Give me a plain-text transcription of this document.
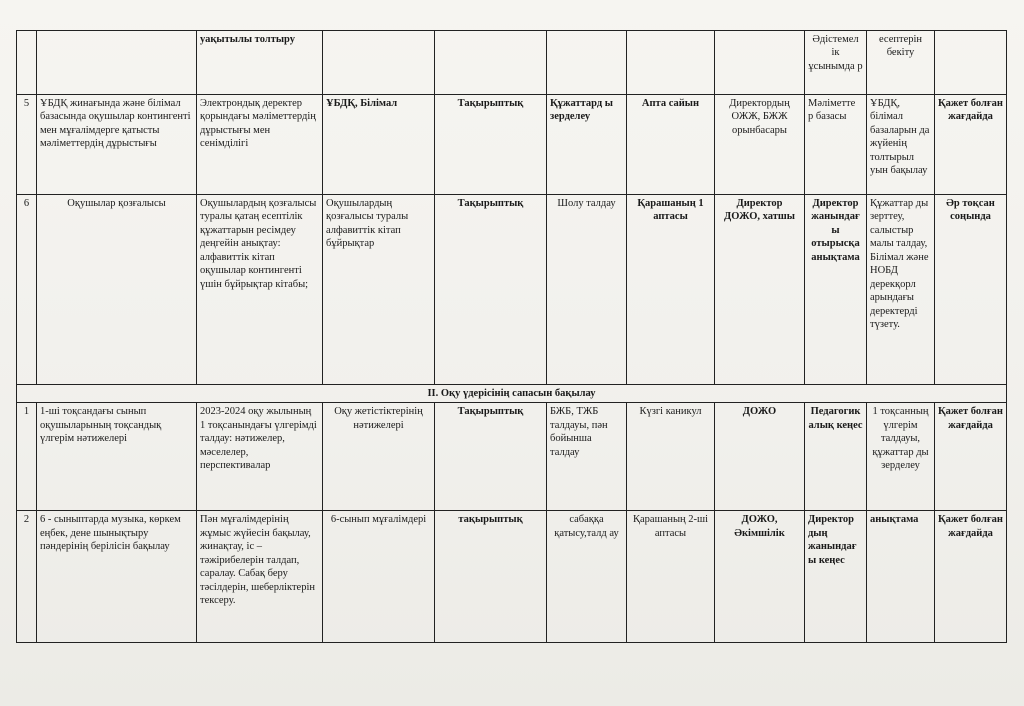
		уақытылы толтыру						Әдістемел ік ұсынымда р	есептерін бекіту	
5	ҰБДҚ жинағында және білімал базасында оқушылар контингенті мен мұғалімдерге қатысты мәліметтердің дұрыстығы	Электрондық деректер қорындағы мәліметтердің дұрыстығы мен сенімділігі	ҰБДҚ, Білімал	Тақырыптық	Құжаттард ы зерделеу	Апта сайын	Директордың ОЖЖ, БЖЖ орынбасары	Мәліметте р базасы	ҰБДҚ, білімал базаларын да жүйенің толтырыл уын бақылау	Қажет болған жағдайда
6	Оқушылар қозғалысы	Оқушылардың қозғалысы туралы қатаң есептілік құжаттарын ресімдеу деңгейін анықтау: алфавиттік кітап оқушылар контингенті үшін бұйрықтар кітабы;	Оқушылардың қозғалысы туралы алфавиттік кітап бұйрықтар	Тақырыптық	Шолу талдау	Қарашаның 1 аптасы	Директор ДОЖО, хатшы	Директор жанындағ ы отырысқа анықтама	Құжаттар ды зерттеу, салыстыр малы талдау, Білімал және НОБД дерекқорл арындағы деректерді түзету.	Әр тоқсан соңында
II. Оқу үдерісінің сапасын бақылау										
1	1-ші тоқсандағы сынып оқушыларының тоқсандық үлгерім нәтижелері	2023-2024 оқу жылының 1 тоқсанындағы үлгерімді талдау: нәтижелер, мәселелер, перспективалар	Оқу жетістіктерінің нәтижелері	Тақырыптық	БЖБ, ТЖБ талдауы, пән бойынша талдау	Күзгі каникул	ДОЖО	Педагогик алық кеңес	1 тоқсанның үлгерім талдауы, құжаттар ды зерделеу	Қажет болған жағдайда
2	6 - сыныптарда музыка, көркем еңбек, дене шынықтыру пәндерінің берілісін бақылау	Пән мұғалімдерінің жұмыс жүйесін бақылау, жинақтау, іс – тәжірибелерін талдап, саралау. Сабақ беру тәсілдерін, шеберліктерін тексеру.	6-сынып мұғалімдері	тақырыптық	сабаққа қатысу,талд ау	Қарашаның 2-ші аптасы	ДОЖО, Әкімшілік	Директор дың жанындағ ы кеңес	анықтама	Қажет болған жағдайда
